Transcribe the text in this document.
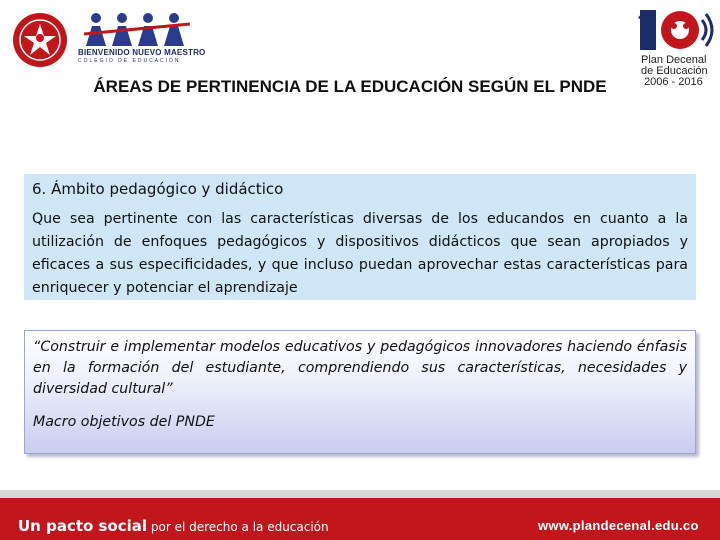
BIENVENIDO NUEVO MAESTRO
COLEGIO DE EDUCACIÓN	Plan Decenal
de Educación
2006 - 2016
ÁREAS DE PERTINENCIA DE LA EDUCACIÓN SEGÚN EL PNDE
6. Ámbito pedagógico y didáctico
Que sea pertinente con las características diversas de los educandos en cuanto a la utilización de enfoques pedagógicos y dispositivos didácticos que sean apropiados y eficaces a sus especificidades, y que incluso puedan aprovechar estas características para enriquecer y potenciar el aprendizaje
“Construir e implementar modelos educativos y pedagógicos innovadores haciendo énfasis en la formación del estudiante, comprendiendo sus características, necesidades y diversidad cultural”
Macro objetivos del PNDE
Un pacto social por el derecho a la educación	www.plandecenal.edu.co
